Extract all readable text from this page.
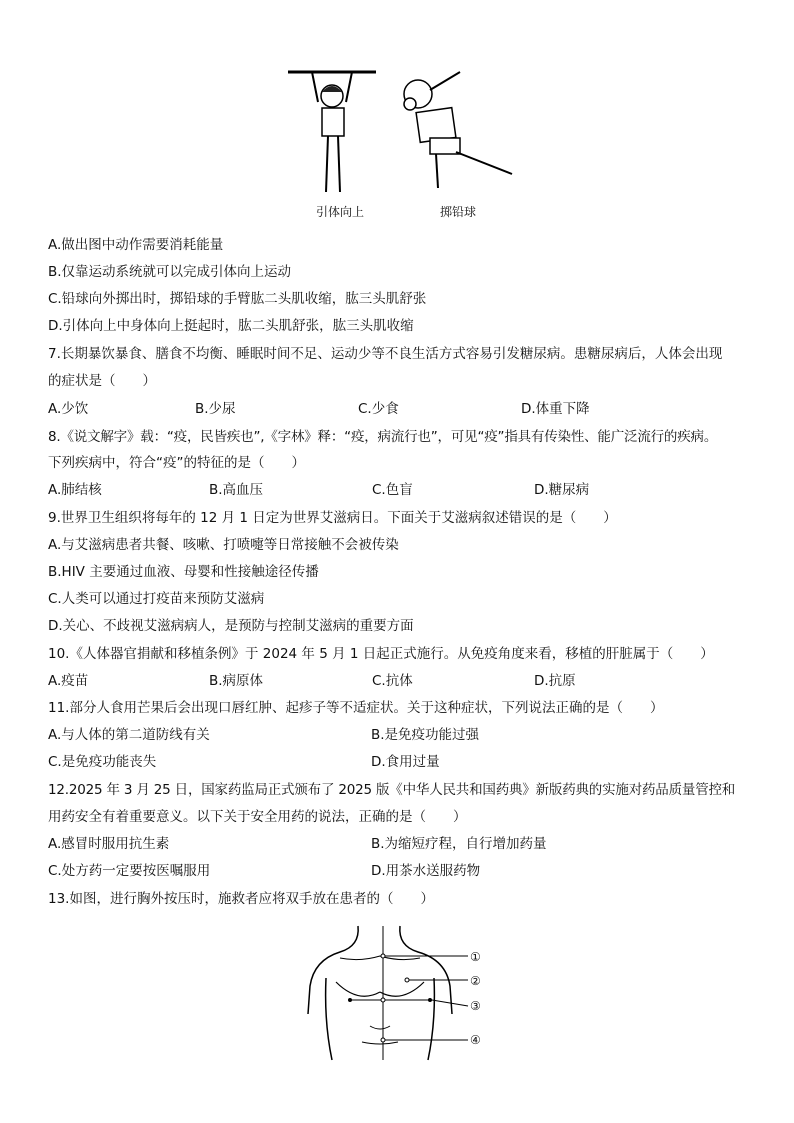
引体向上	掷铅球
A.做出图中动作需要消耗能量
B.仅靠运动系统就可以完成引体向上运动
C.铅球向外掷出时，掷铅球的手臂肱二头肌收缩，肱三头肌舒张
D.引体向上中身体向上挺起时，肱二头肌舒张，肱三头肌收缩
7.长期暴饮暴食、膳食不均衡、睡眠时间不足、运动少等不良生活方式容易引发糖尿病。患糖尿病后，人体会出现
的症状是（　　）
A.少饮	B.少尿	C.少食	D.体重下降
8.《说文解字》载：“疫，民皆疾也”,《字林》释：“疫，病流行也”，可见“疫”指具有传染性、能广泛流行的疾病。
下列疾病中，符合“疫”的特征的是（　　）
A.肺结核	B.高血压	C.色盲	D.糖尿病
9.世界卫生组织将每年的 12 月 1 日定为世界艾滋病日。下面关于艾滋病叙述错误的是（　　）
A.与艾滋病患者共餐、咳嗽、打喷嚏等日常接触不会被传染
B.HIV 主要通过血液、母婴和性接触途径传播
C.人类可以通过打疫苗来预防艾滋病
D.关心、不歧视艾滋病病人，是预防与控制艾滋病的重要方面
10.《人体器官捐献和移植条例》于 2024 年 5 月 1 日起正式施行。从免疫角度来看，移植的肝脏属于（　　）
A.疫苗	B.病原体	C.抗体	D.抗原
11.部分人食用芒果后会出现口唇红肿、起疹子等不适症状。关于这种症状，下列说法正确的是（　　）
A.与人体的第二道防线有关	B.是免疫功能过强
C.是免疫功能丧失	D.食用过量
12.2025 年 3 月 25 日，国家药监局正式颁布了 2025 版《中华人民共和国药典》新版药典的实施对药品质量管控和
用药安全有着重要意义。以下关于安全用药的说法，正确的是（　　）
A.感冒时服用抗生素	B.为缩短疗程，自行增加药量
C.处方药一定要按医嘱服用	D.用茶水送服药物
13.如图，进行胸外按压时，施救者应将双手放在患者的（　　）
①
②
③
④
